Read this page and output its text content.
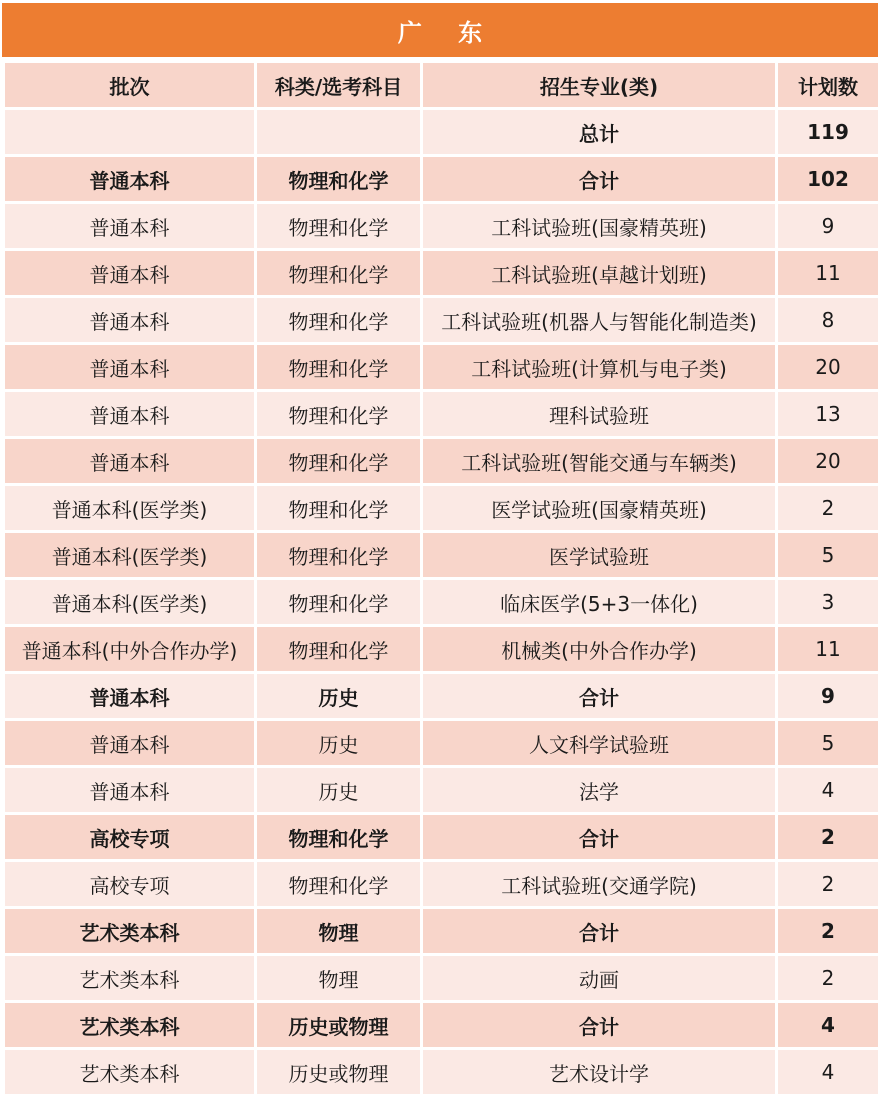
广 东
批次	科类/选考科目	招生专业(类)	计划数
		总计	119
普通本科	物理和化学	合计	102
普通本科	物理和化学	工科试验班(国豪精英班)	9
普通本科	物理和化学	工科试验班(卓越计划班)	11
普通本科	物理和化学	工科试验班(机器人与智能化制造类)	8
普通本科	物理和化学	工科试验班(计算机与电子类)	20
普通本科	物理和化学	理科试验班	13
普通本科	物理和化学	工科试验班(智能交通与车辆类)	20
普通本科(医学类)	物理和化学	医学试验班(国豪精英班)	2
普通本科(医学类)	物理和化学	医学试验班	5
普通本科(医学类)	物理和化学	临床医学(5+3一体化)	3
普通本科(中外合作办学)	物理和化学	机械类(中外合作办学)	11
普通本科	历史	合计	9
普通本科	历史	人文科学试验班	5
普通本科	历史	法学	4
高校专项	物理和化学	合计	2
高校专项	物理和化学	工科试验班(交通学院)	2
艺术类本科	物理	合计	2
艺术类本科	物理	动画	2
艺术类本科	历史或物理	合计	4
艺术类本科	历史或物理	艺术设计学	4
